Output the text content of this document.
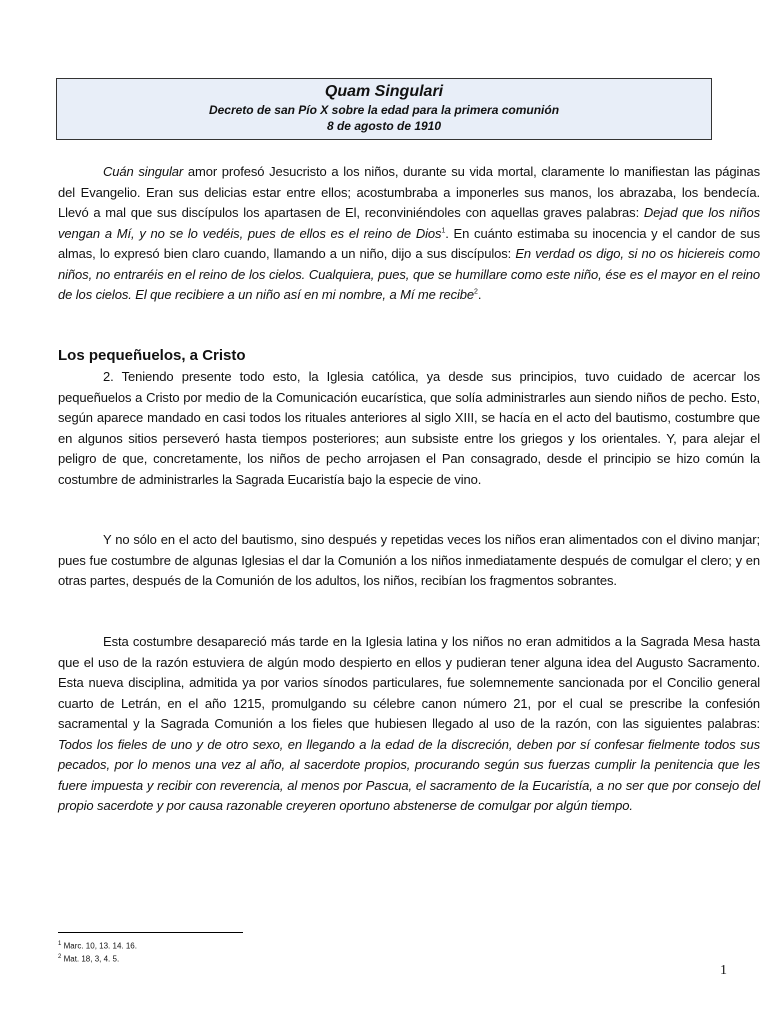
Quam Singulari
Decreto de san Pío X sobre la edad para la primera comunión
8 de agosto de 1910

Cuán singular amor profesó Jesucristo a los niños, durante su vida mortal, claramente lo manifiestan las páginas del Evangelio. Eran sus delicias estar entre ellos; acostumbraba a imponerles sus manos, los abrazaba, los bendecía. Llevó a mal que sus discípulos los apartasen de El, reconviniéndoles con aquellas graves palabras: Dejad que los niños vengan a Mí, y no se lo vedéis, pues de ellos es el reino de Dios$^1$. En cuánto estimaba su inocencia y el candor de sus almas, lo expresó bien claro cuando, llamando a un niño, dijo a sus discípulos: En verdad os digo, si no os hiciereis como niños, no entraréis en el reino de los cielos. Cualquiera, pues, que se humillare como este niño, ése es el mayor en el reino de los cielos. El que recibiere a un niño así en mi nombre, a Mí me recibe$^2$.

Los pequeñuelos, a Cristo

2. Teniendo presente todo esto, la Iglesia católica, ya desde sus principios, tuvo cuidado de acercar los pequeñuelos a Cristo por medio de la Comunicación eucarística, que solía administrarles aun siendo niños de pecho. Esto, según aparece mandado en casi todos los rituales anteriores al siglo XIII, se hacía en el acto del bautismo, costumbre que en algunos sitios perseveró hasta tiempos posteriores; aun subsiste entre los griegos y los orientales. Y, para alejar el peligro de que, concretamente, los niños de pecho arrojasen el Pan consagrado, desde el principio se hizo común la costumbre de administrarles la Sagrada Eucaristía bajo la especie de vino.

Y no sólo en el acto del bautismo, sino después y repetidas veces los niños eran alimentados con el divino manjar; pues fue costumbre de algunas Iglesias el dar la Comunión a los niños inmediatamente después de comulgar el clero; y en otras partes, después de la Comunión de los adultos, los niños, recibían los fragmentos sobrantes.

Esta costumbre desapareció más tarde en la Iglesia latina y los niños no eran admitidos a la Sagrada Mesa hasta que el uso de la razón estuviera de algún modo despierto en ellos y pudieran tener alguna idea del Augusto Sacramento. Esta nueva disciplina, admitida ya por varios sínodos particulares, fue solemnemente sancionada por el Concilio general cuarto de Letrán, en el año 1215, promulgando su célebre canon número 21, por el cual se prescribe la confesión sacramental y la Sagrada Comunión a los fieles que hubiesen llegado al uso de la razón, con las siguientes palabras: Todos los fieles de uno y de otro sexo, en llegando a la edad de la discreción, deben por sí confesar fielmente todos sus pecados, por lo menos una vez al año, al sacerdote propios, procurando según sus fuerzas cumplir la penitencia que les fuere impuesta y recibir con reverencia, al menos por Pascua, el sacramento de la Eucaristía, a no ser que por consejo del propio sacerdote y por causa razonable creyeren oportuno abstenerse de comulgar por algún tiempo.

$^1$ Marc. 10, 13. 14. 16.
$^2$ Mat. 18, 3, 4. 5.
1
